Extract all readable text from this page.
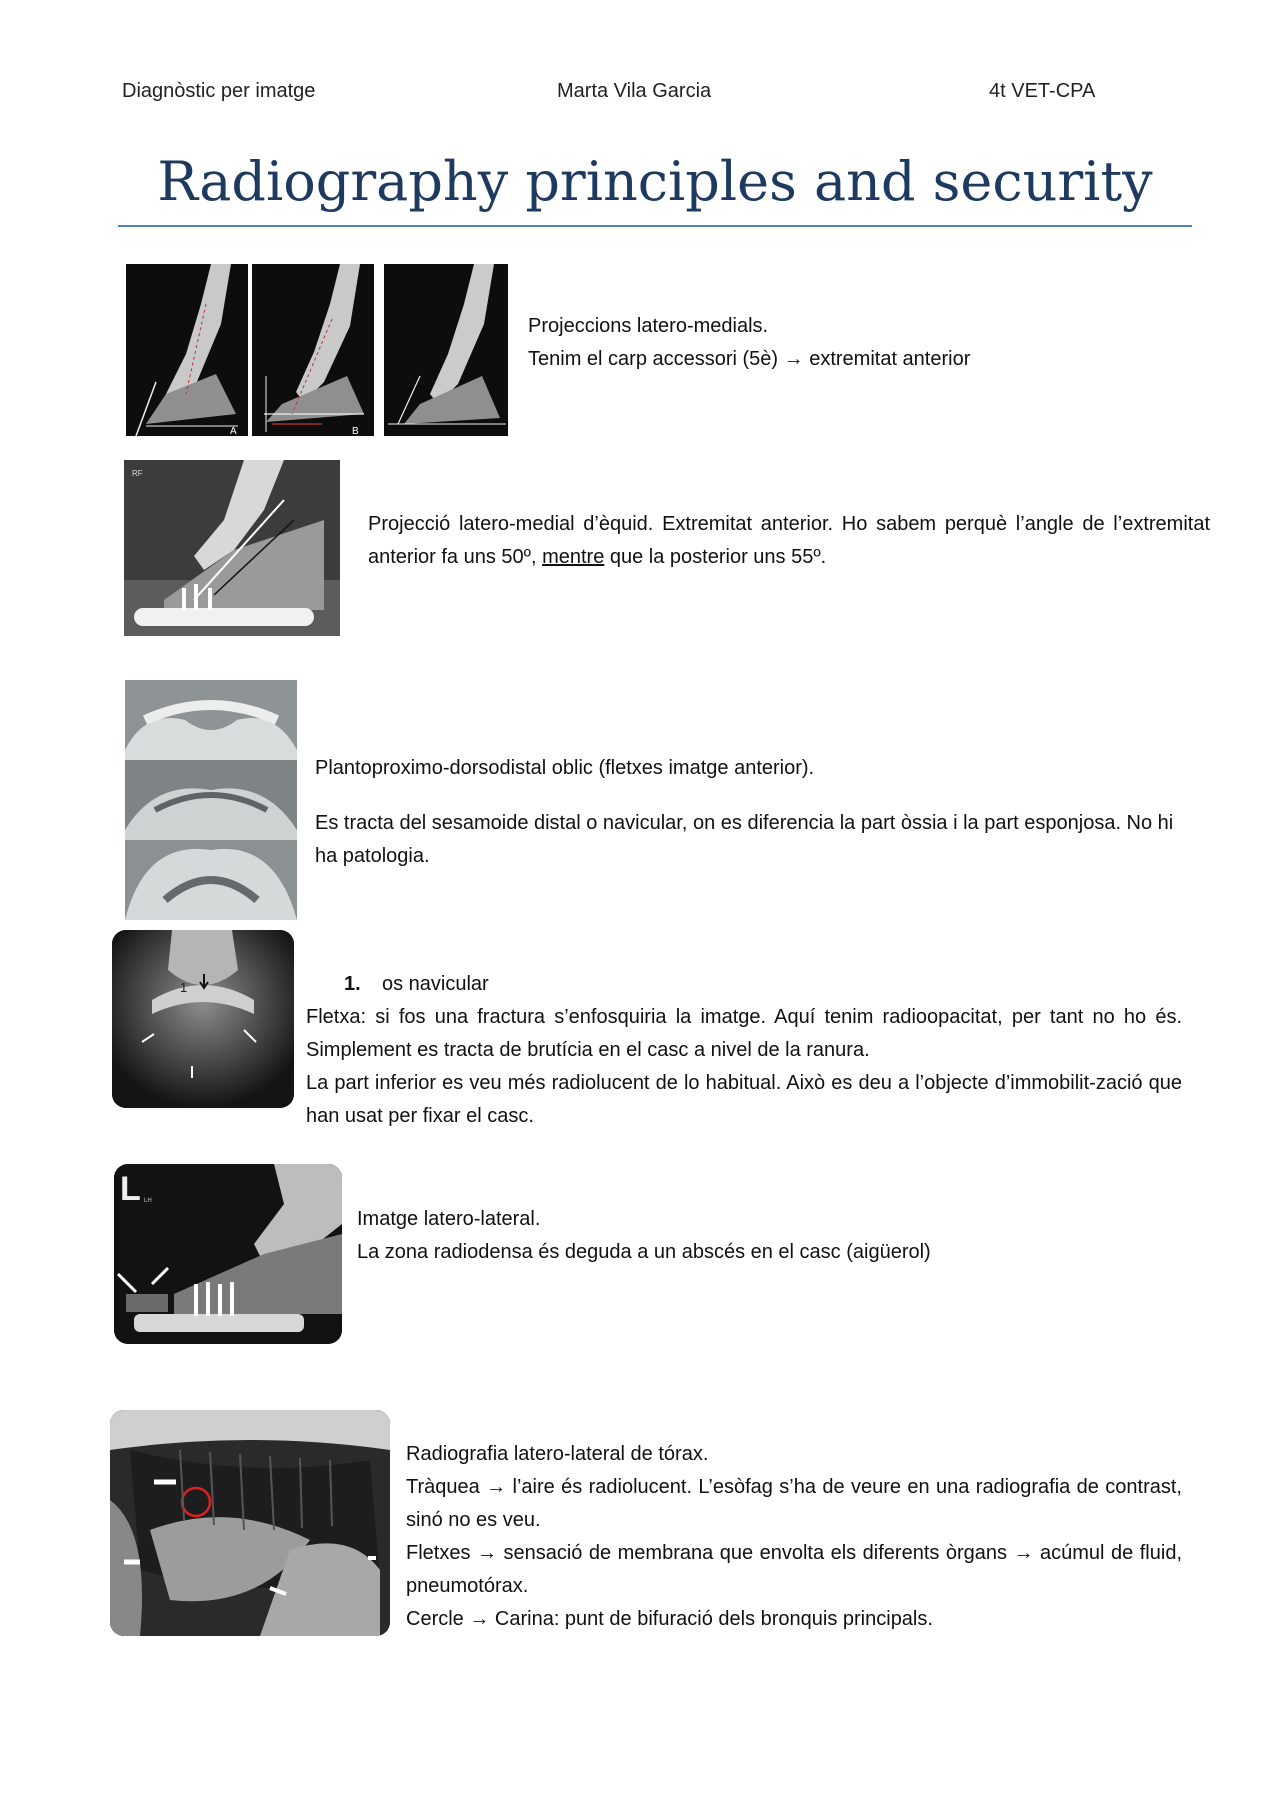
Diagnòstic per imatge	Marta Vila Garcia	4t VET-CPA
Radiography principles and security
A	B

Projeccions latero-medials.

Tenim el carp accessori (5è) → extremitat anterior

RF
Projecció latero-medial d’èquid. Extremitat anterior. Ho sabem perquè l’angle de l’extremitat anterior fa uns 50º, mentre que la posterior uns 55º.

Plantoproximo-dorsodistal oblic (fletxes imatge anterior).

Es tracta del sesamoide distal o navicular, on es diferencia la part òssia i la part esponjosa. No hi ha patologia.

1	1. os navicular

Fletxa: si fos una fractura s’enfosquiria la imatge. Aquí tenim radioopacitat, per tant no ho és. Simplement es tracta de brutícia en el casc a nivel de la ranura.

La part inferior es veu més radiolucent de lo habitual. Això es deu a l’objecte d’immobilit-zació que han usat per fixar el casc.

L LH

Imatge latero-lateral.

La zona radiodensa és deguda a un abscés en el casc (aigüerol)

Radiografia latero-lateral de tórax.

Tràquea → l’aire és radiolucent. L’esòfag s’ha de veure en una radiografia de contrast, sinó no es veu.

Fletxes → sensació de membrana que envolta els diferents òrgans → acúmul de fluid, pneumotórax.

Cercle → Carina: punt de bifuració dels bronquis principals.
